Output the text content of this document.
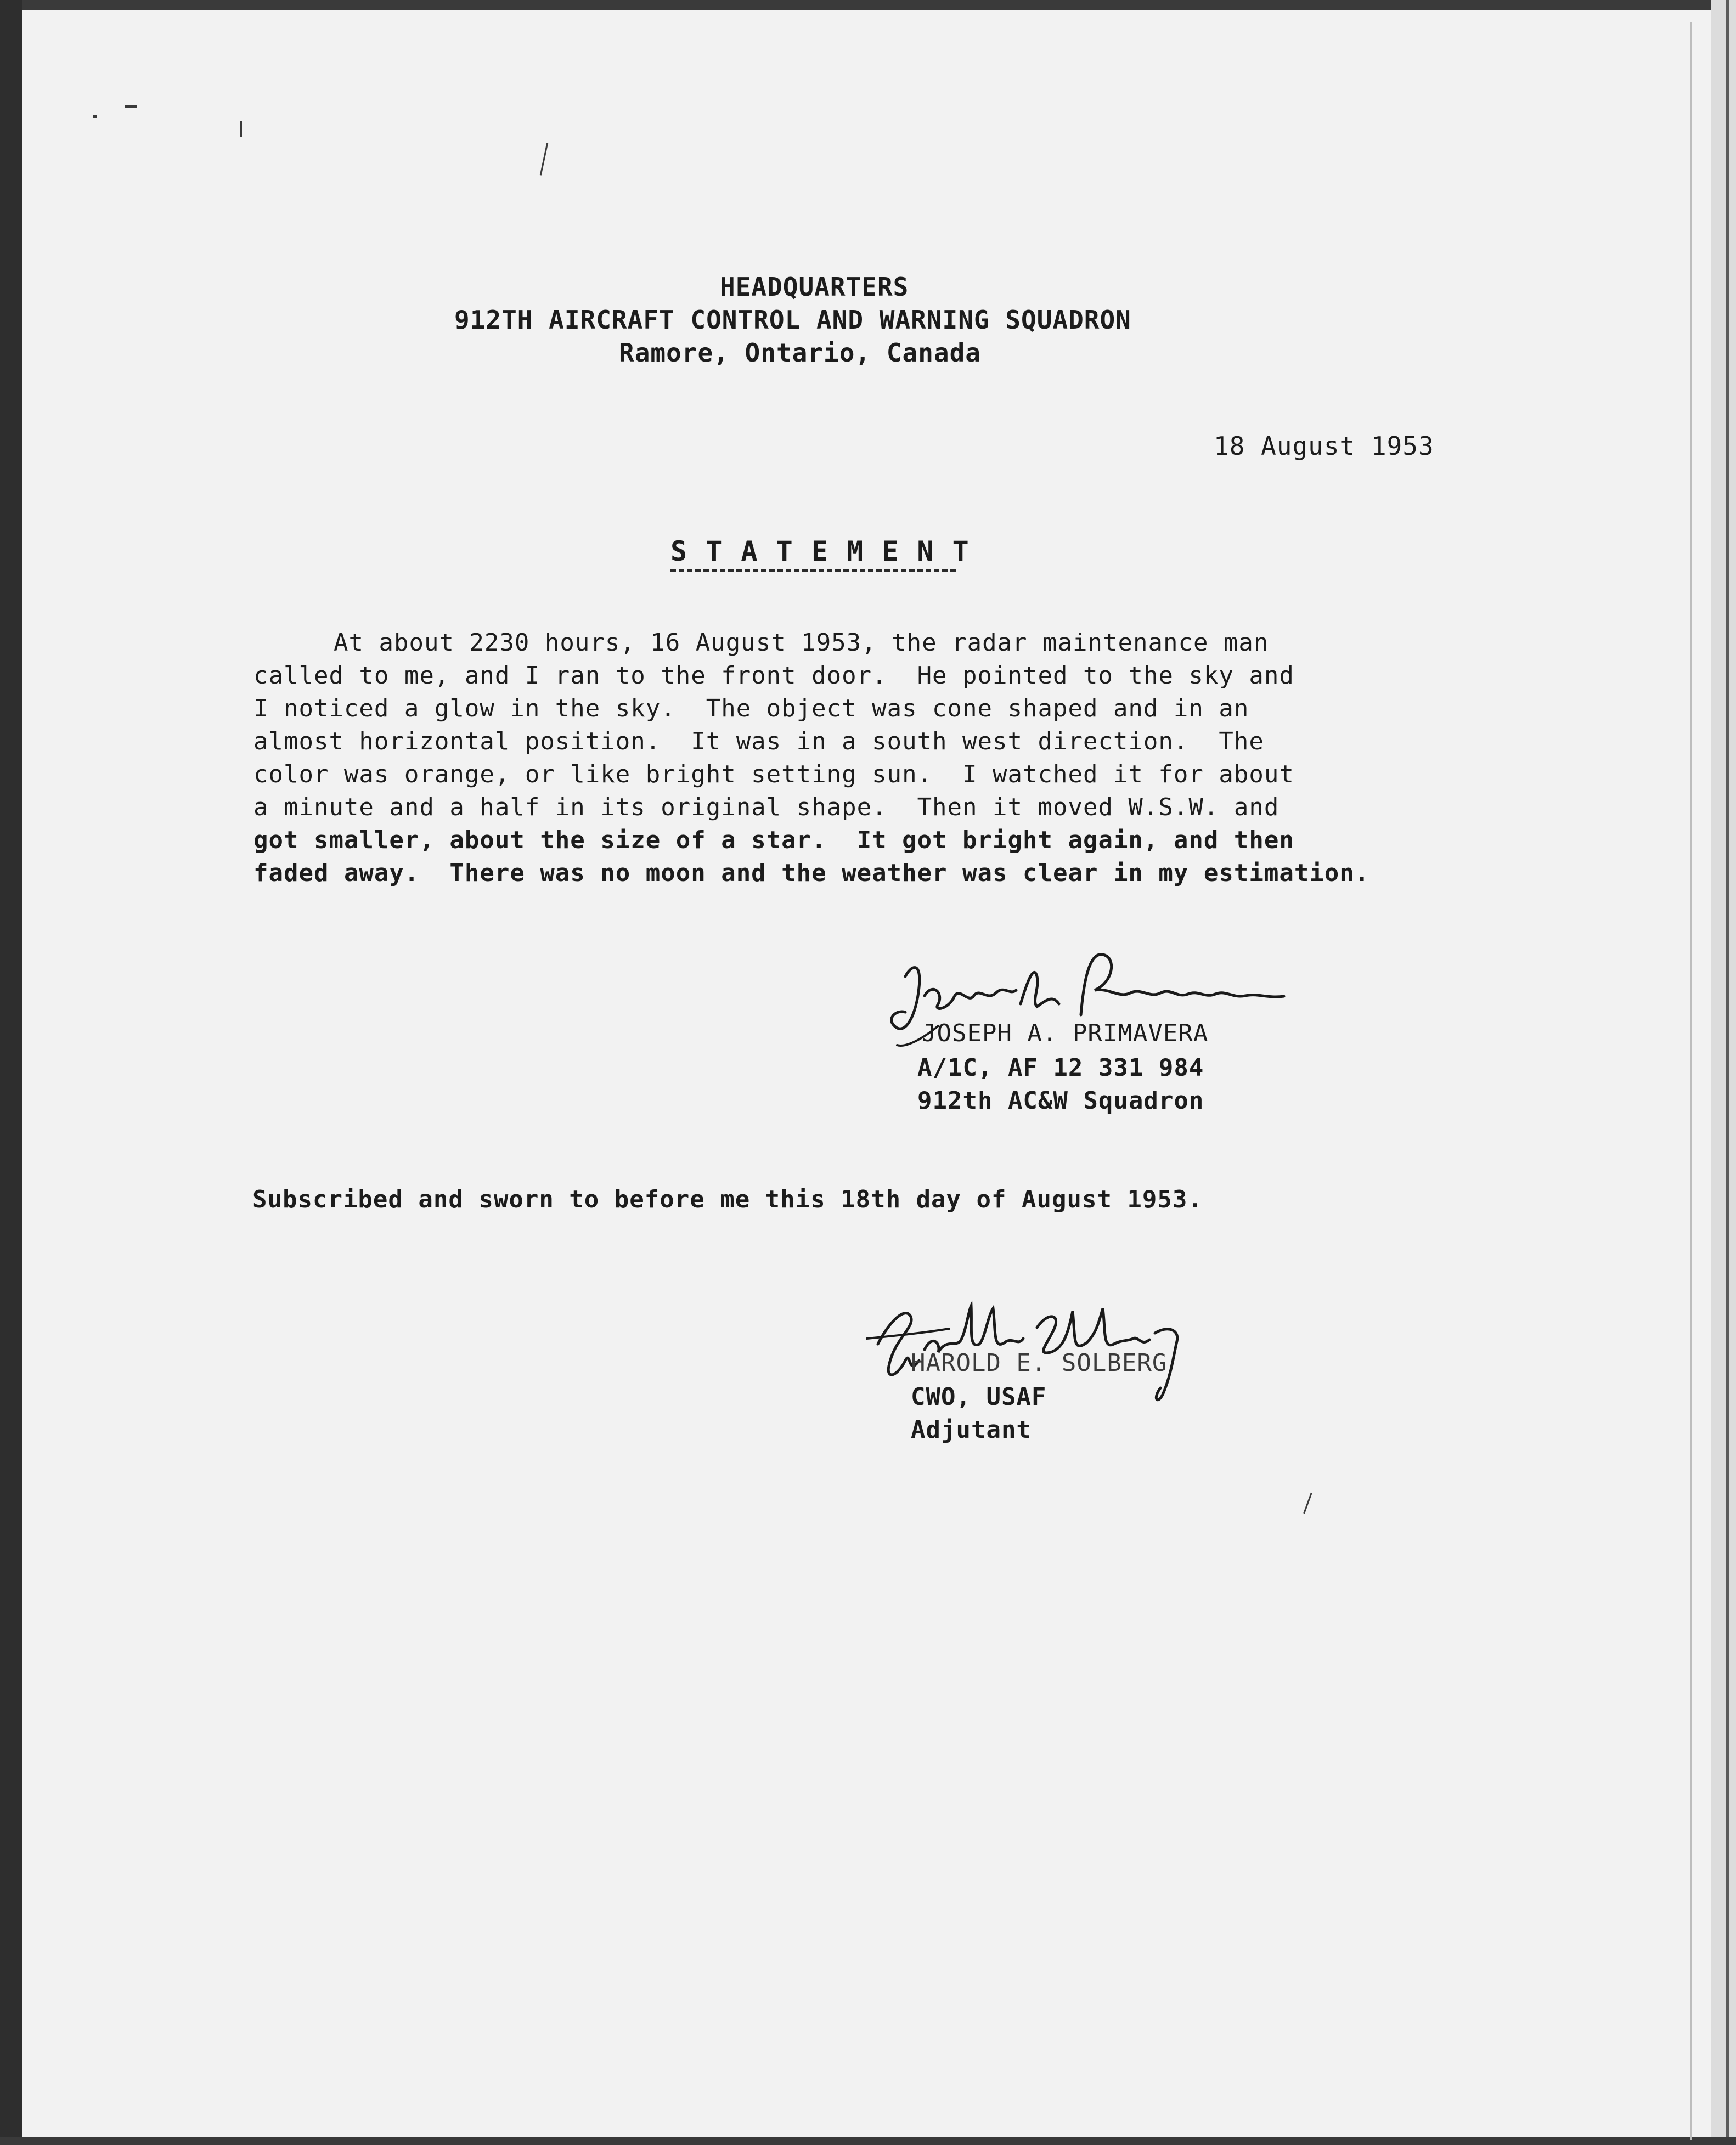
HEADQUARTERS
912TH AIRCRAFT CONTROL AND WARNING SQUADRON
Ramore, Ontario, Canada
18 August 1953
S T A T E M E N T
At about 2230 hours, 16 August 1953, the radar maintenance man
called to me, and I ran to the front door.  He pointed to the sky and
I noticed a glow in the sky.  The object was cone shaped and in an
almost horizontal position.  It was in a south west direction.  The
color was orange, or like bright setting sun.  I watched it for about
a minute and a half in its original shape.  Then it moved W.S.W. and
got smaller, about the size of a star.  It got bright again, and then
faded away.  There was no moon and the weather was clear in my estimation.
JOSEPH A. PRIMAVERA
A/1C, AF 12 331 984
912th AC&W Squadron
Subscribed and sworn to before me this 18th day of August 1953.
HAROLD E. SOLBERG
CWO, USAF
Adjutant
